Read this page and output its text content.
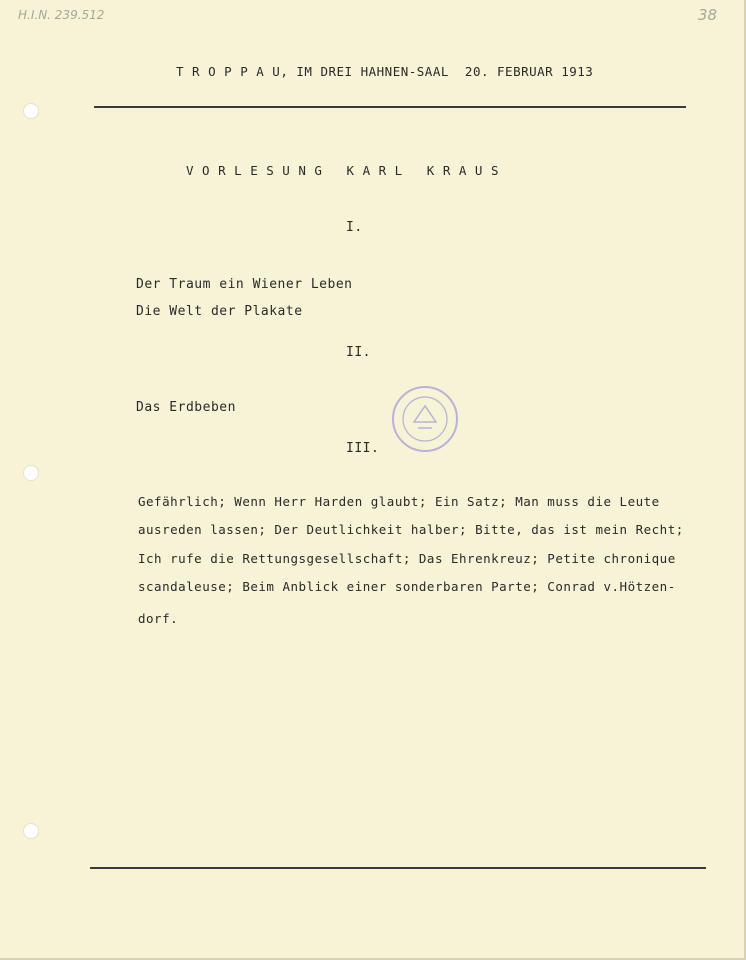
H.I.N. 239.512	38

T R O P P A U, IM DREI HAHNEN-SAAL  20. FEBRUAR 1913

V O R L E S U N G   K A R L   K R A U S

I.

Der Traum ein Wiener Leben

Die Welt der Plakate

II.

Das Erdbeben

III.

Gefährlich; Wenn Herr Harden glaubt; Ein Satz; Man muss die Leute

ausreden lassen; Der Deutlichkeit halber; Bitte, das ist mein Recht;

Ich rufe die Rettungsgesellschaft; Das Ehrenkreuz; Petite chronique

scandaleuse; Beim Anblick einer sonderbaren Parte; Conrad v.Hötzen-

dorf.
